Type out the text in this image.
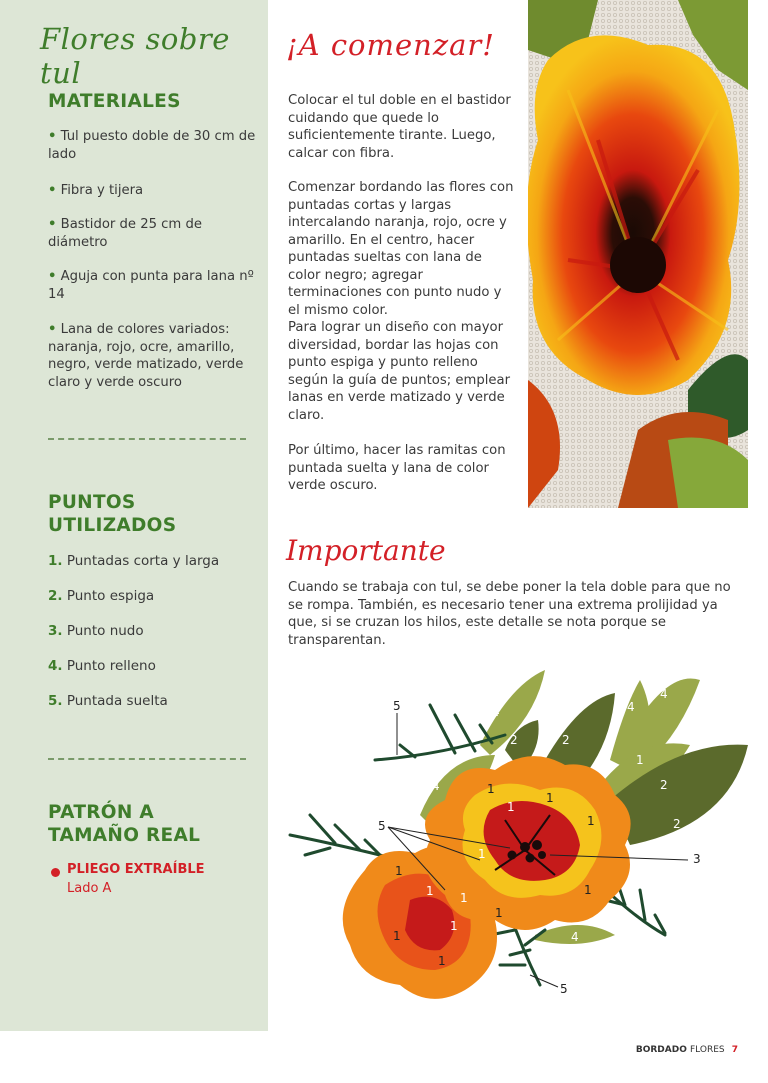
Flores sobre tul
MATERIALES
• Tul puesto doble de 30 cm de lado
• Fibra y tijera
• Bastidor de 25 cm de diámetro
• Aguja con punta para lana nº 14
• Lana de colores variados: naranja, rojo, ocre, amarillo, negro, verde matizado, verde claro y verde oscuro
PUNTOS
UTILIZADOS
1. Puntadas corta y larga
2. Punto espiga
3. Punto nudo
4. Punto relleno
5. Puntada suelta
PATRÓN A
TAMAÑO REAL
PLIEGO EXTRAÍBLE
Lado A
¡A comenzar!
Colocar el tul doble en el bastidor cuidando que quede lo suficientemente tirante. Luego, calcar con fibra.
Comenzar bordando las flores con puntadas cortas y largas intercalando naranja, rojo, ocre y amarillo. En el centro, hacer puntadas sueltas con lana de color negro; agregar terminaciones con punto nudo y el mismo color.
Para lograr un diseño con mayor diversidad, bordar las hojas con punto espiga y punto relleno según la guía de puntos; emplear lanas en verde matizado y verde claro.
Por último, hacer las ramitas con puntada suelta y lana de color verde oscuro.
Importante
Cuando se trabaja con tul, se debe poner la tela doble para que no se rompa. También, es necesario tener una extrema prolijidad ya que, si se cruzan los hilos, este detalle se nota porque se transparentan.
5
5
5
3
4	4
4
4
4
4
2	2
2
2
1
1
1
1
1
1
1
1
1
1
1
1
1
1
BORDADO FLORES 7
